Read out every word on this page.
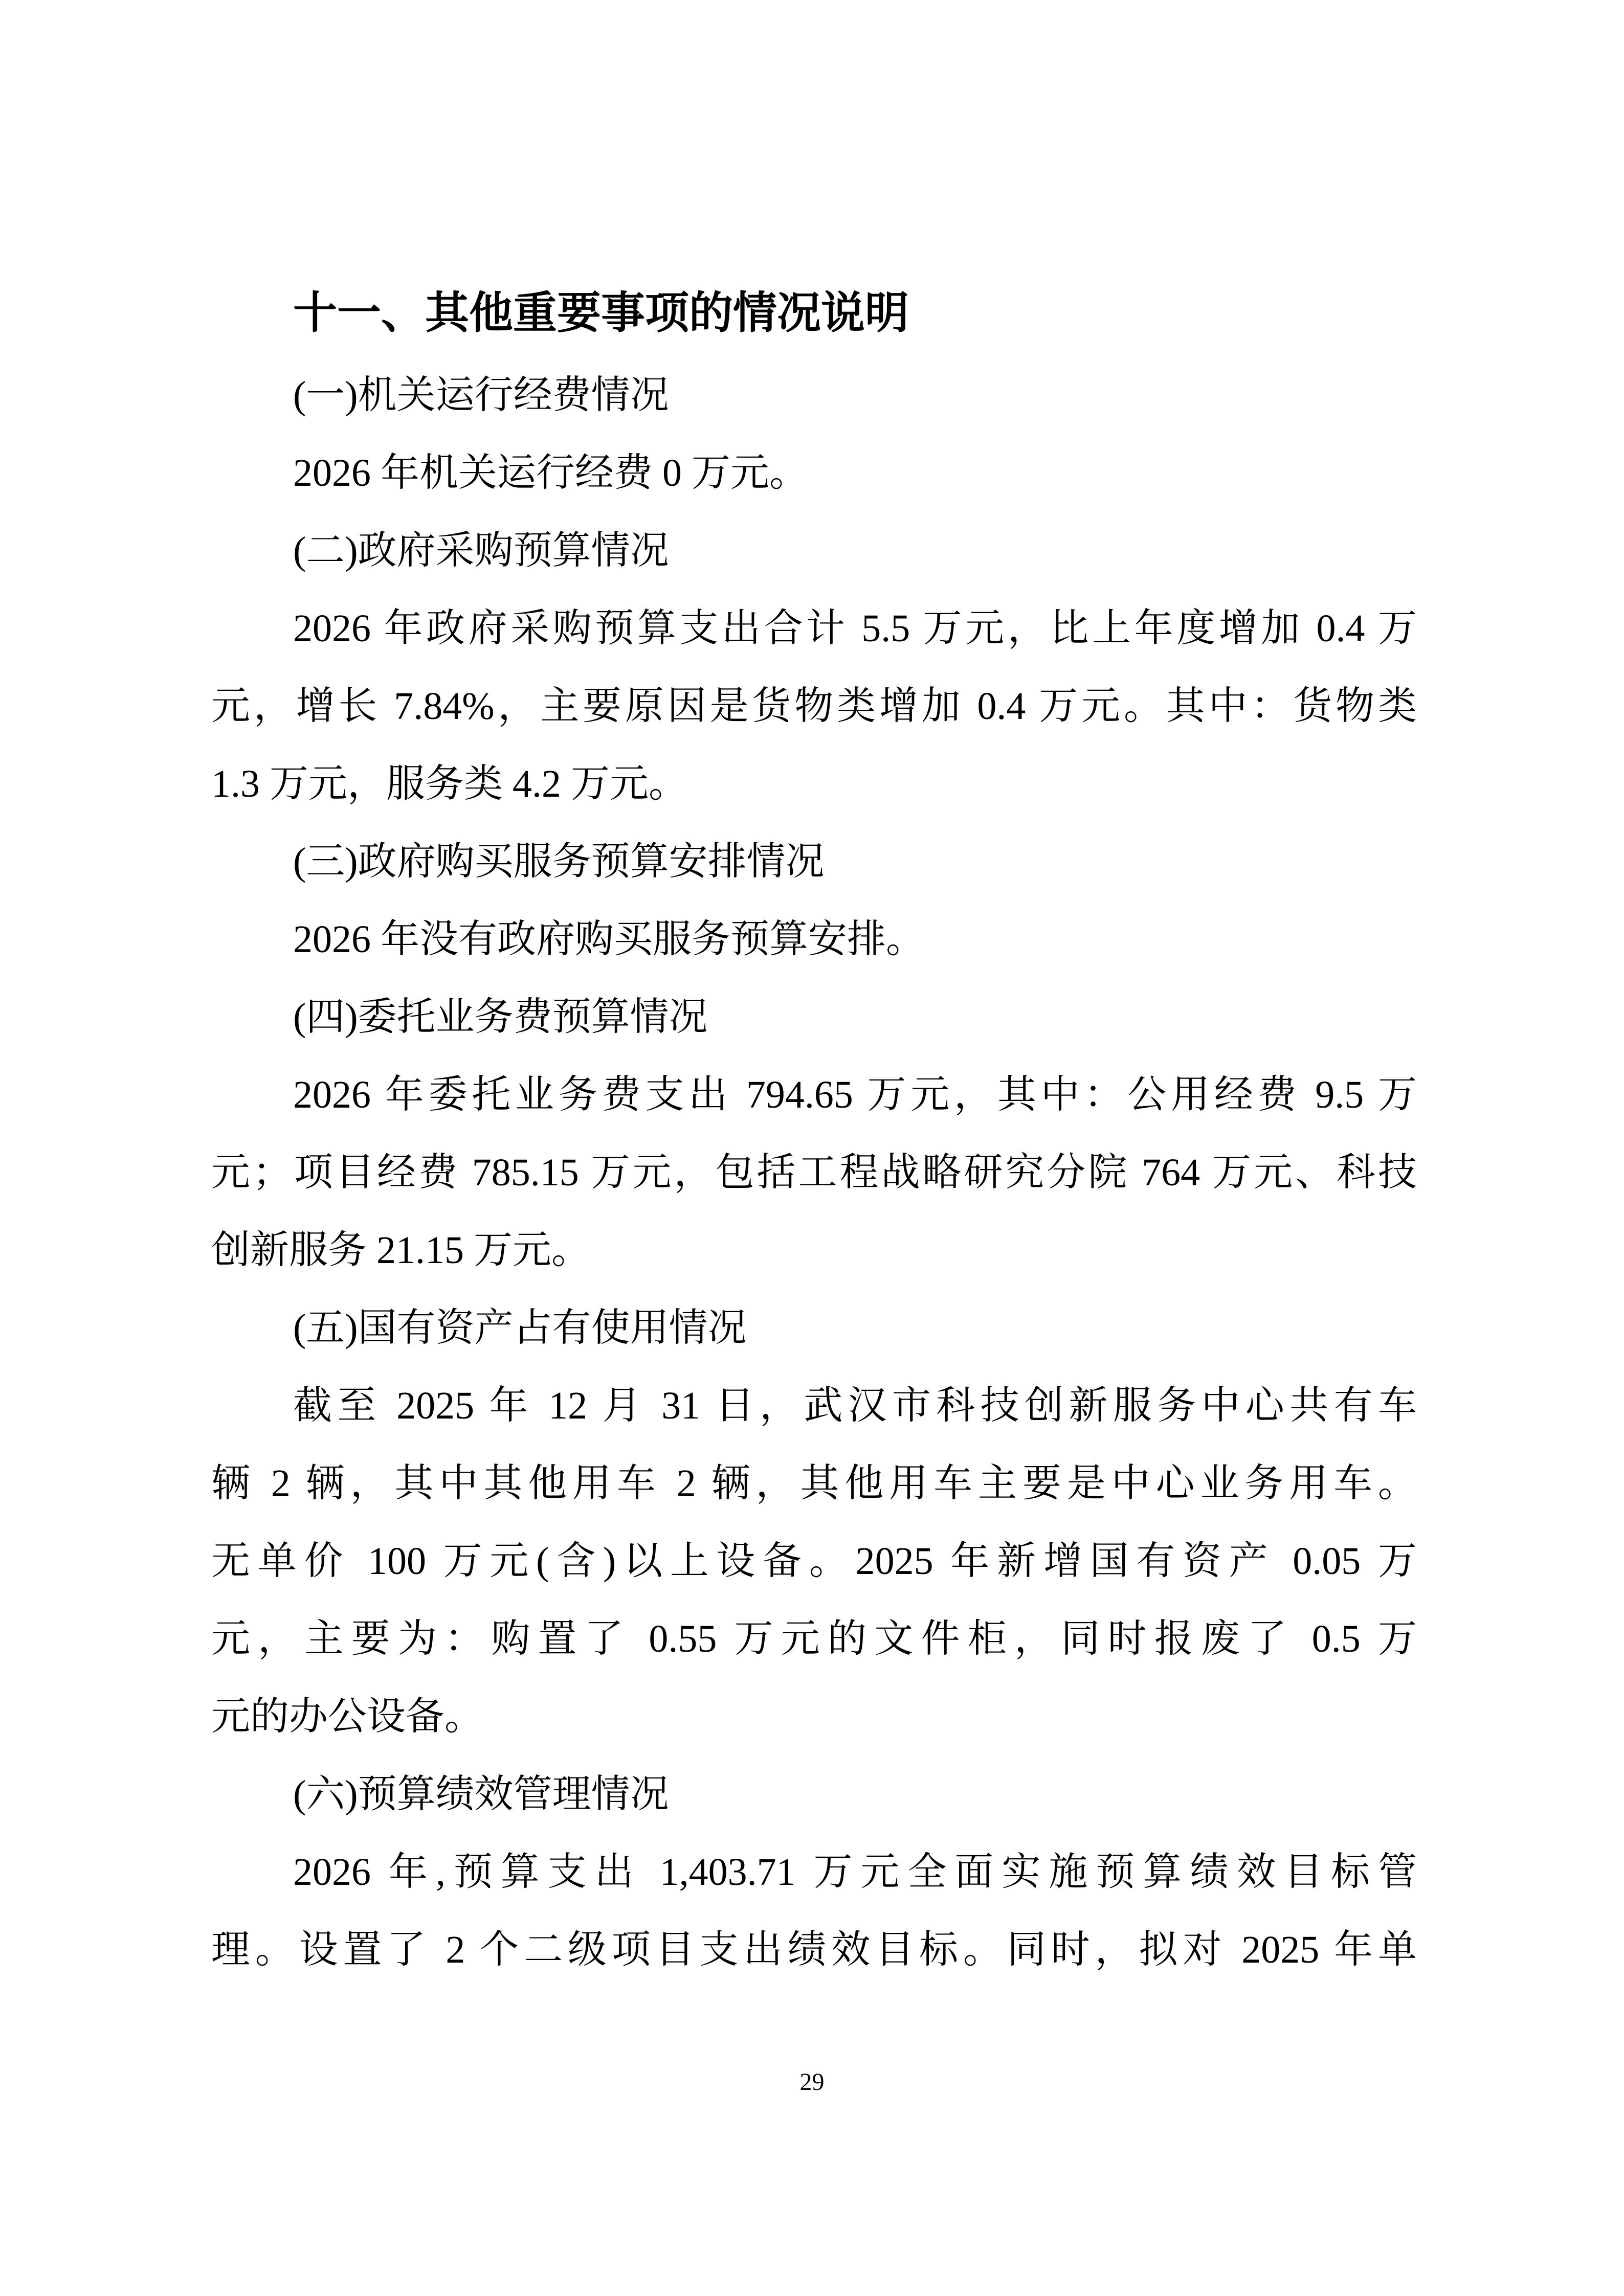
十一、其他重要事项的情况说明

(一)机关运行经费情况

2026 年机关运行经费 0 万元。

(二)政府采购预算情况

2026 年政府采购预算支出合计 5.5 万元，比上年度增加 0.4 万

元，增长 7.84%，主要原因是货物类增加 0.4 万元。其中：货物类

1.3 万元，服务类 4.2 万元。

(三)政府购买服务预算安排情况

2026 年没有政府购买服务预算安排。

(四)委托业务费预算情况

2026 年委托业务费支出 794.65 万元，其中：公用经费 9.5 万

元；项目经费 785.15 万元，包括工程战略研究分院 764 万元、科技

创新服务 21.15 万元。

(五)国有资产占有使用情况

截至 2025 年 12 月 31 日，武汉市科技创新服务中心共有车

辆 2 辆，其中其他用车 2 辆，其他用车主要是中心业务用车。

无单价 100 万元(含)以上设备。2025 年新增国有资产 0.05 万

元，主要为：购置了 0.55 万元的文件柜，同时报废了 0.5 万

元的办公设备。

(六)预算绩效管理情况

2026 年,预算支出 1,403.71 万元全面实施预算绩效目标管

理。设置了 2 个二级项目支出绩效目标。同时，拟对 2025 年单

29
